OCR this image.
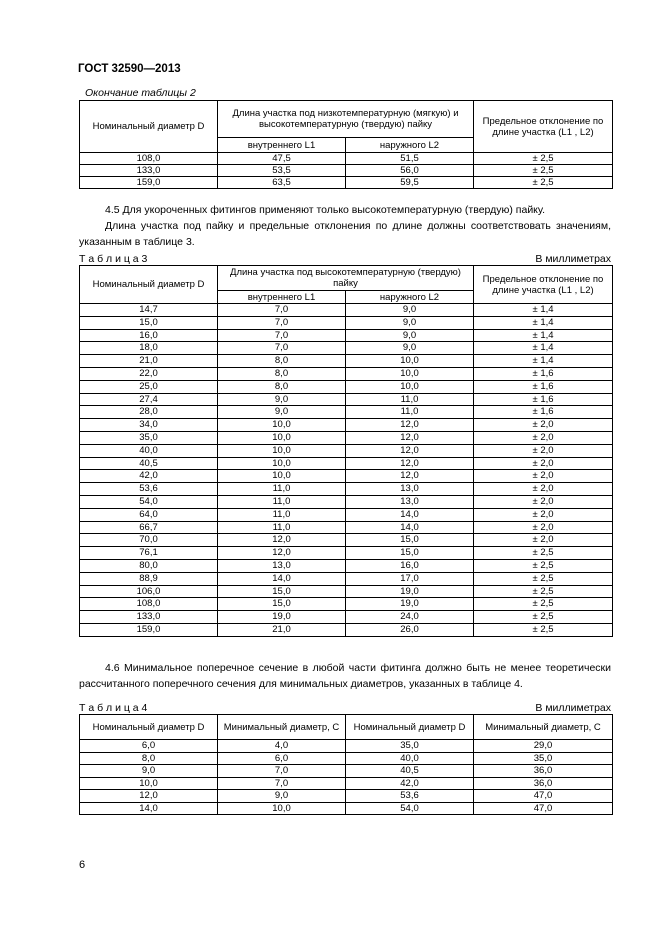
ГОСТ 32590—2013
Окончание таблицы 2
Номинальный диаметр D	Длина участка под низкотемпературную (мягкую) и высокотемпературную (твердую) пайку		Предельное отклонение по длине участка (L1 , L2)
	внутреннего L1	наружного L2	
108,0	47,5	51,5	± 2,5
133,0	53,5	56,0	± 2,5
159,0	63,5	59,5	± 2,5

4.5 Для укороченных фитингов применяют только высокотемпературную (твердую) пайку.

Длина участка под пайку и предельные отклонения по длине должны соответствовать значениям, указанным в таблице 3.

Т а б л и ц а 3	В миллиметрах
Номинальный диаметр D	Длина участка под высокотемпературную (твердую) пайку		Предельное отклонение по длине участка (L1 , L2)
	внутреннего L1	наружного L2	
14,7	7,0	9,0	± 1,4
15,0	7,0	9,0	± 1,4
16,0	7,0	9,0	± 1,4
18,0	7,0	9,0	± 1,4
21,0	8,0	10,0	± 1,4
22,0	8,0	10,0	± 1,6
25,0	8,0	10,0	± 1,6
27,4	9,0	11,0	± 1,6
28,0	9,0	11,0	± 1,6
34,0	10,0	12,0	± 2,0
35,0	10,0	12,0	± 2,0
40,0	10,0	12,0	± 2,0
40,5	10,0	12,0	± 2,0
42,0	10,0	12,0	± 2,0
53,6	11,0	13,0	± 2,0
54,0	11,0	13,0	± 2,0
64,0	11,0	14,0	± 2,0
66,7	11,0	14,0	± 2,0
70,0	12,0	15,0	± 2,0
76,1	12,0	15,0	± 2,5
80,0	13,0	16,0	± 2,5
88,9	14,0	17,0	± 2,5
106,0	15,0	19,0	± 2,5
108,0	15,0	19,0	± 2,5
133,0	19,0	24,0	± 2,5
159,0	21,0	26,0	± 2,5

4.6 Минимальное поперечное сечение в любой части фитинга должно быть не менее теоретически рассчитанного поперечного сечения для минимальных диаметров, указанных в таблице 4.

Т а б л и ц а 4	В миллиметрах
Номинальный диаметр D	Минимальный диаметр, C	Номинальный диаметр D	Минимальный диаметр, C
6,0	4,0	35,0	29,0
8,0	6,0	40,0	35,0
9,0	7,0	40,5	36,0
10,0	7,0	42,0	36,0
12,0	9,0	53,6	47,0
14,0	10,0	54,0	47,0
6
